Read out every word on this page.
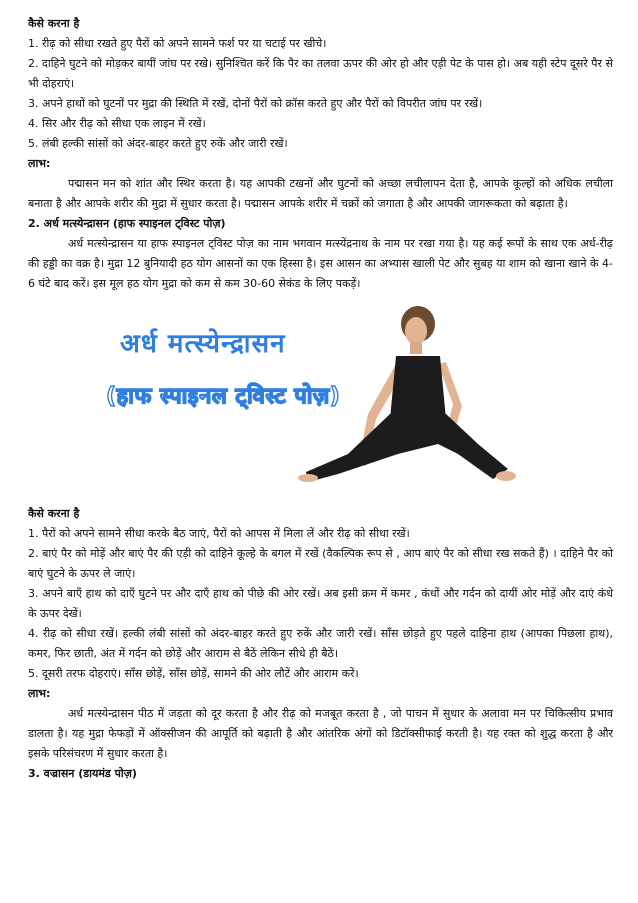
कैसे करना है

1. रीढ़ को सीधा रखते हुए पैरों को अपने सामने फर्श पर या चटाई पर खीचे।

2. दाहिने घुटने को मोड़कर बायीं जांघ पर रखे। सुनिश्चित करें कि पैर का तलवा ऊपर की ओर हो और एड़ी पेट के पास हो। अब यही स्टेप दूसरे पैर से भी दोहराएं।

3. अपने हाथों को घुटनों पर मुद्रा की स्थिति में रखें, दोनों पैरों को क्रॉस करते हुए और पैरों को विपरीत जांघ पर रखें।

4. सिर और रीढ़ को सीधा एक लाइन में रखें।

5. लंबी हल्की सांसों को अंदर-बाहर करते हुए रुकें और जारी रखें।

लाभ:

पद्मासन मन को शांत और स्थिर करता है। यह आपकी टखनों और घुटनों को अच्छा लचीलापन देता है, आपके कूल्हों को अधिक लचीला बनाता है और आपके शरीर की मुद्रा में सुधार करता है। पद्मासन आपके शरीर में चक्रों को जगाता है और आपकी जागरूकता को बढ़ाता है।

2. अर्ध मत्स्येन्द्रासन (हाफ स्पाइनल ट्विस्ट पोज़)

अर्ध मत्स्येन्द्रासन या हाफ स्पाइनल ट्विस्ट पोज़ का नाम भगवान मत्स्येंद्रनाथ के नाम पर रखा गया है। यह कई रूपों के साथ एक अर्ध-रीढ़ की हड्डी का वक्र है। मुद्रा 12 बुनियादी हठ योग आसनों का एक हिस्सा है। इस आसन का अभ्यास खाली पेट और सुबह या शाम को खाना खाने के 4-6 घंटे बाद करें। इस मूल हठ योग मुद्रा को कम से कम 30-60 सेकंड के लिए पकड़ें।

अर्ध मत्स्येन्द्रासन
(हाफ स्पाइनल ट्विस्ट पोज़)

कैसे करना है

1. पैरों को अपने सामने सीधा करके बैठ जाएं, पैरों को आपस में मिला लें और रीढ़ को सीधा रखें।

2. बाएं पैर को मोड़ें और बाएं पैर की एड़ी को दाहिने कूल्हे के बगल में रखें (वैकल्पिक रूप से , आप बाएं पैर को सीधा रख सकते हैं) । दाहिने पैर को बाएं घुटने के ऊपर ले जाएं।

3. अपने बाएँ हाथ को दाएँ घुटने पर और दाएँ हाथ को पीछे की ओर रखें। अब इसी क्रम में कमर , कंधों और गर्दन को दायीं ओर मोड़ें और दाएं कंधे के ऊपर देखें।

4. रीढ़ को सीधा रखें। हल्की लंबी सांसों को अंदर-बाहर करते हुए रुकें और जारी रखें। साँस छोड़ते हुए पहले दाहिना हाथ (आपका पिछला हाथ), कमर, फिर छाती, अंत में गर्दन को छोड़ें और आराम से बैठें लेकिन सीधे ही बैठें।

5. दूसरी तरफ दोहराएं। साँस छोड़ें, साँस छोड़ें, सामने की ओर लौटें और आराम करें।

लाभ:

अर्ध मत्स्येन्द्रासन पीठ में जड़ता को दूर करता है और रीढ़ को मजबूत करता है , जो पाचन में सुधार के अलावा मन पर चिकित्सीय प्रभाव डालता है। यह मुद्रा फेफड़ों में ऑक्सीजन की आपूर्ति को बढ़ाती है और आंतरिक अंगों को डिटॉक्सीफाई करती है। यह रक्त को शुद्ध करता है और इसके परिसंचरण में सुधार करता है।

3. वज्रासन (डायमंड पोज़)
